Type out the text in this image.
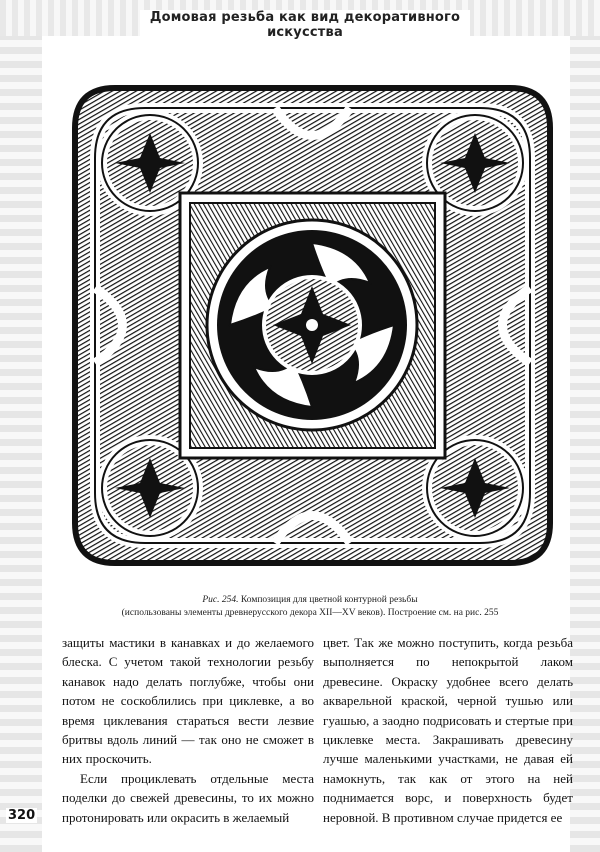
Домовая резьба как вид декоративного искусства
Рис. 254. Композиция для цветной контурной резьбы
(использованы элементы древнерусского декора XII—XV веков). Построение см. на рис. 255

защиты мастики в канавках и до желаемого блеска. С учетом такой технологии резьбу канавок надо делать поглубже, чтобы они потом не соскоблились при циклевке, а во время циклевания стараться вести лезвие бритвы вдоль линий — так оно не сможет в них проскочить.

Если проциклевать отдельные места поделки до свежей древесины, то их можно протонировать или окрасить в желаемый

цвет. Так же можно поступить, когда резьба выполняется по непокрытой лаком древесине. Окраску удобнее всего делать акварельной краской, черной тушью или гуашью, а заодно подрисовать и стертые при циклевке места. Закрашивать древесину лучше маленькими участками, не давая ей намокнуть, так как от этого на ней поднимается ворс, и поверхность будет неровной. В противном случае придется ее

320
